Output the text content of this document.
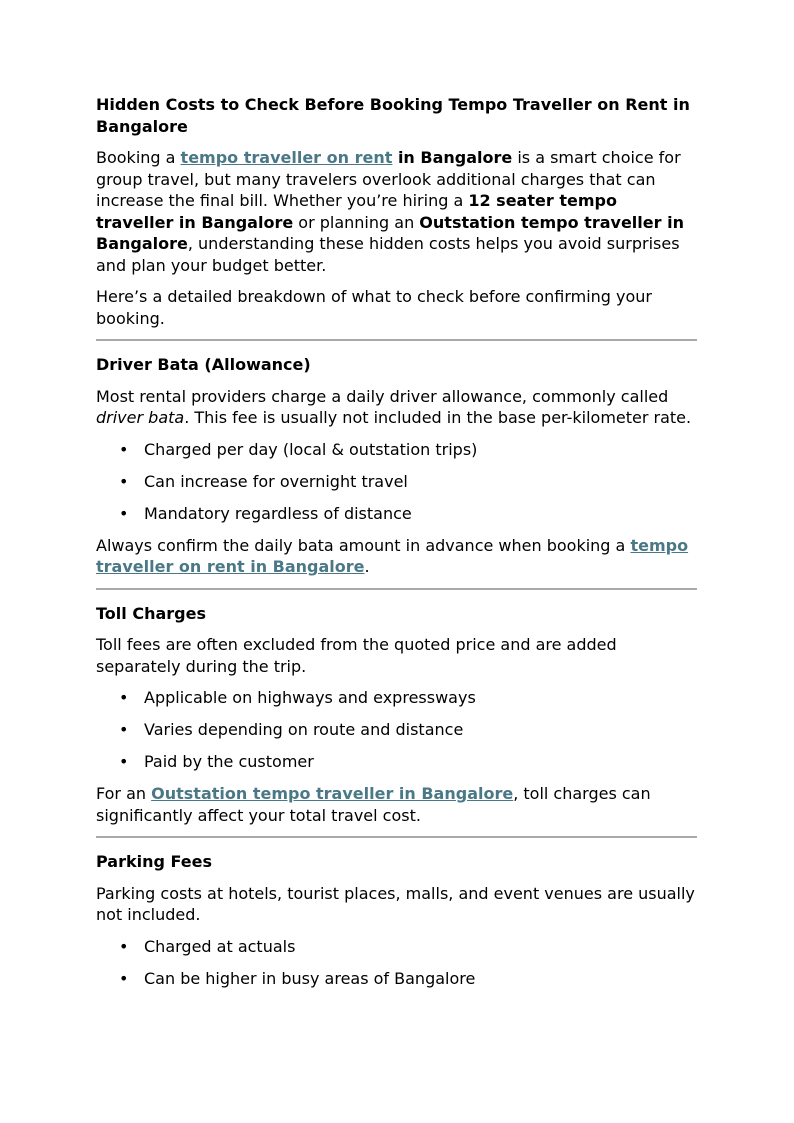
Hidden Costs to Check Before Booking Tempo Traveller on Rent in Bangalore

Booking a tempo traveller on rent in Bangalore is a smart choice for group travel, but many travelers overlook additional charges that can increase the final bill. Whether you’re hiring a 12 seater tempo traveller in Bangalore or planning an Outstation tempo traveller in Bangalore, understanding these hidden costs helps you avoid surprises and plan your budget better.

Here’s a detailed breakdown of what to check before confirming your booking.

Driver Bata (Allowance)

Most rental providers charge a daily driver allowance, commonly called driver bata. This fee is usually not included in the base per-kilometer rate.

• Charged per day (local & outstation trips)
• Can increase for overnight travel
• Mandatory regardless of distance

Always confirm the daily bata amount in advance when booking a tempo traveller on rent in Bangalore.

Toll Charges

Toll fees are often excluded from the quoted price and are added separately during the trip.

• Applicable on highways and expressways
• Varies depending on route and distance
• Paid by the customer

For an Outstation tempo traveller in Bangalore, toll charges can significantly affect your total travel cost.

Parking Fees

Parking costs at hotels, tourist places, malls, and event venues are usually not included.

• Charged at actuals
• Can be higher in busy areas of Bangalore
